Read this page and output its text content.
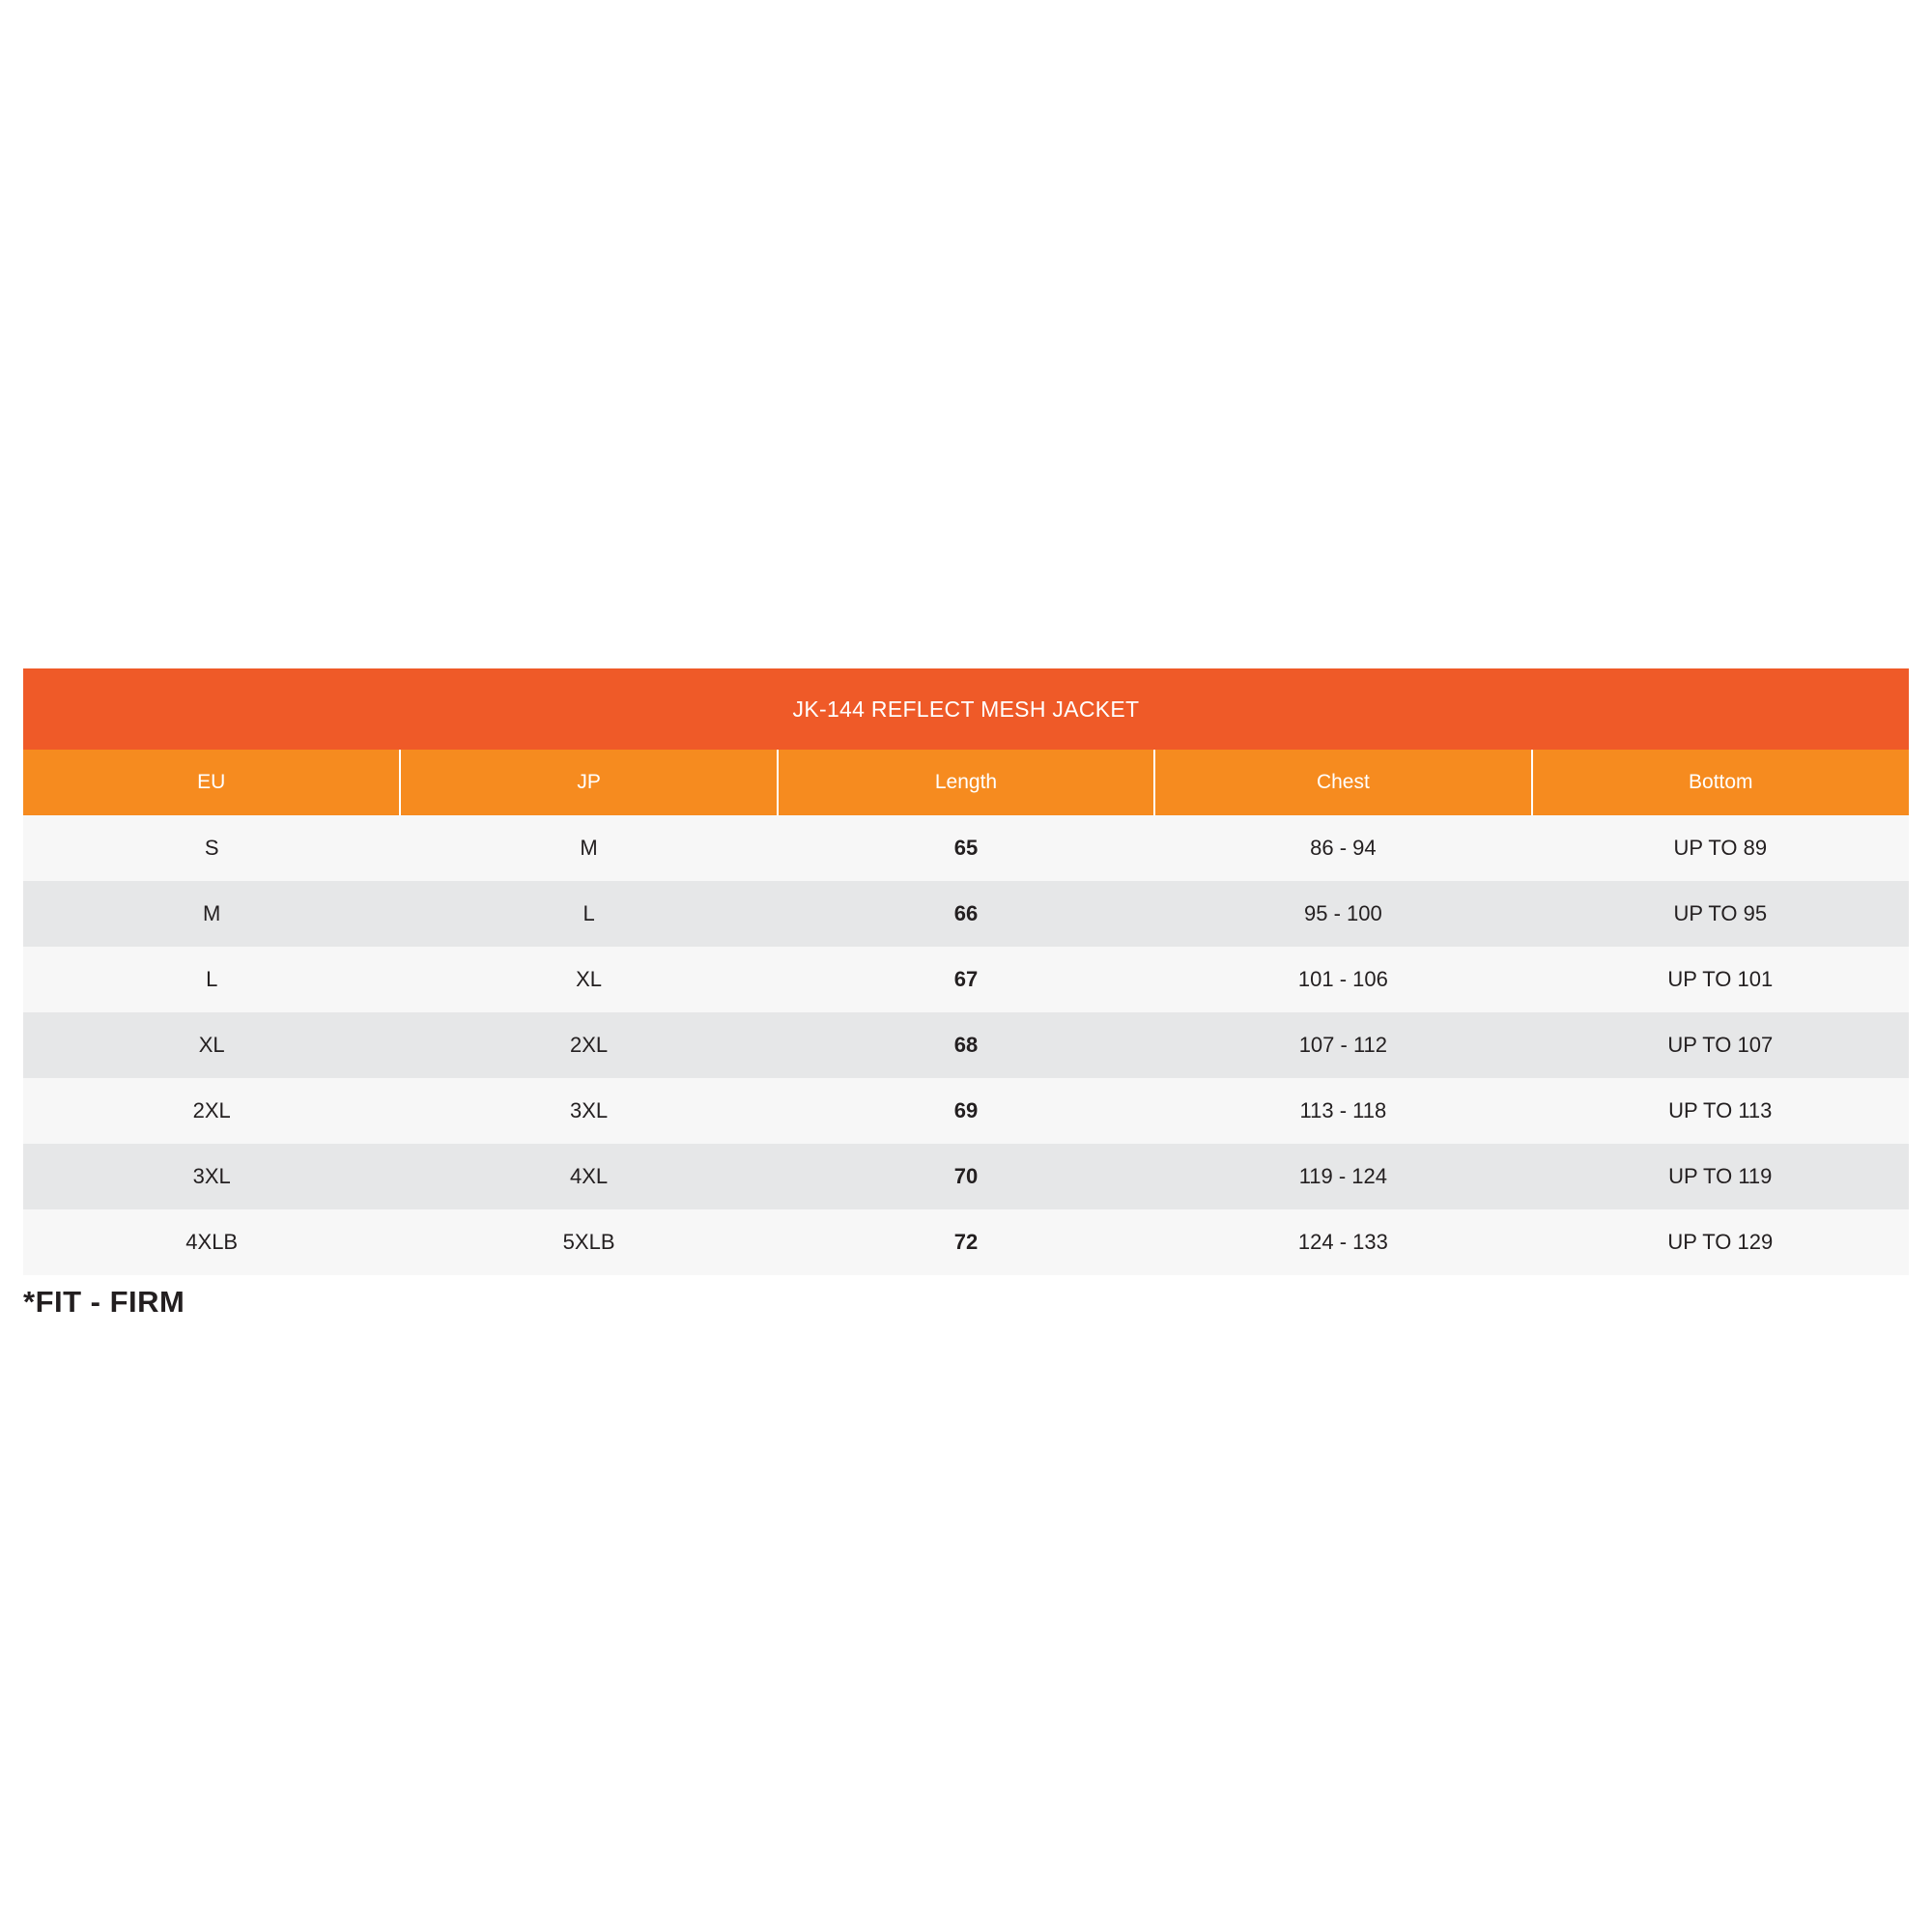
		JK-144 REFLECT MESH JACKET		
EU	JP	Length	Chest	Bottom
S	M	65	86 - 94	UP TO 89
M	L	66	95 - 100	UP TO 95
L	XL	67	101 - 106	UP TO 101
XL	2XL	68	107 - 112	UP TO 107
2XL	3XL	69	113 - 118	UP TO 113
3XL	4XL	70	119 - 124	UP TO 119
4XLB	5XLB	72	124 - 133	UP TO 129
*FIT - FIRM
